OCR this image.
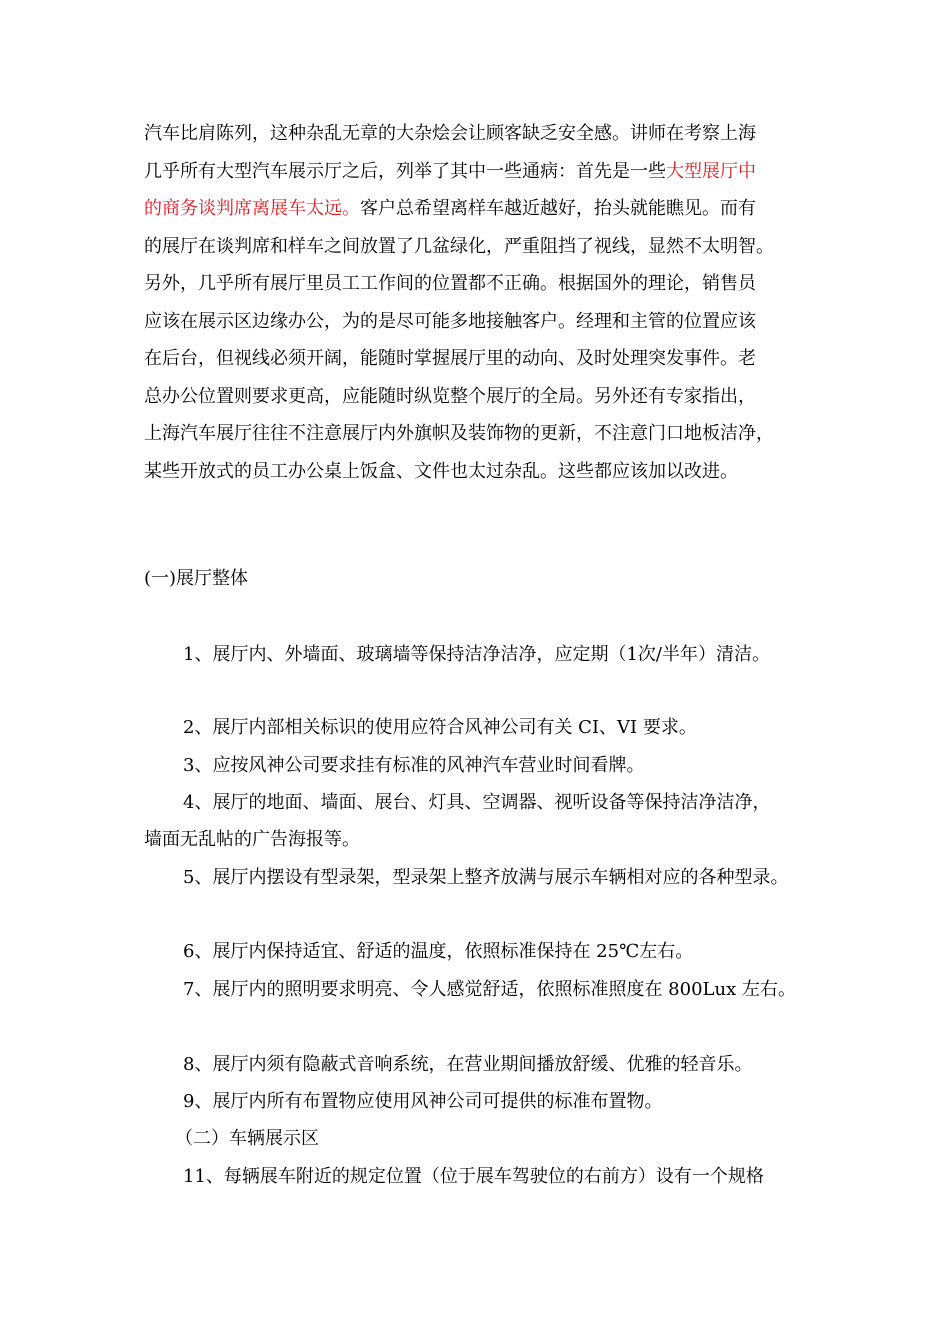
汽车比肩陈列，这种杂乱无章的大杂烩会让顾客缺乏安全感。讲师在考察上海
几乎所有大型汽车展示厅之后，列举了其中一些通病：首先是一些大型展厅中
的商务谈判席离展车太远。客户总希望离样车越近越好，抬头就能瞧见。而有
的展厅在谈判席和样车之间放置了几盆绿化，严重阻挡了视线，显然不太明智。
另外，几乎所有展厅里员工工作间的位置都不正确。根据国外的理论，销售员
应该在展示区边缘办公，为的是尽可能多地接触客户。经理和主管的位置应该
在后台，但视线必须开阔，能随时掌握展厅里的动向、及时处理突发事件。老
总办公位置则要求更高，应能随时纵览整个展厅的全局。另外还有专家指出，
上海汽车展厅往往不注意展厅内外旗帜及装饰物的更新，不注意门口地板洁净，
某些开放式的员工办公桌上饭盒、文件也太过杂乱。这些都应该加以改进。
(一)展厅整体
1、展厅内、外墙面、玻璃墙等保持洁净洁净，应定期（1次/半年）清洁。
2、展厅内部相关标识的使用应符合风神公司有关 CI、VI 要求。
3、应按风神公司要求挂有标准的风神汽车营业时间看牌。
4、展厅的地面、墙面、展台、灯具、空调器、视听设备等保持洁净洁净，
墙面无乱帖的广告海报等。
5、展厅内摆设有型录架，型录架上整齐放满与展示车辆相对应的各种型录。
6、展厅内保持适宜、舒适的温度，依照标准保持在 25℃左右。
7、展厅内的照明要求明亮、令人感觉舒适，依照标准照度在 800Lux 左右。
8、展厅内须有隐蔽式音响系统，在营业期间播放舒缓、优雅的轻音乐。
9、展厅内所有布置物应使用风神公司可提供的标准布置物。
（二）车辆展示区
11、每辆展车附近的规定位置（位于展车驾驶位的右前方）设有一个规格
